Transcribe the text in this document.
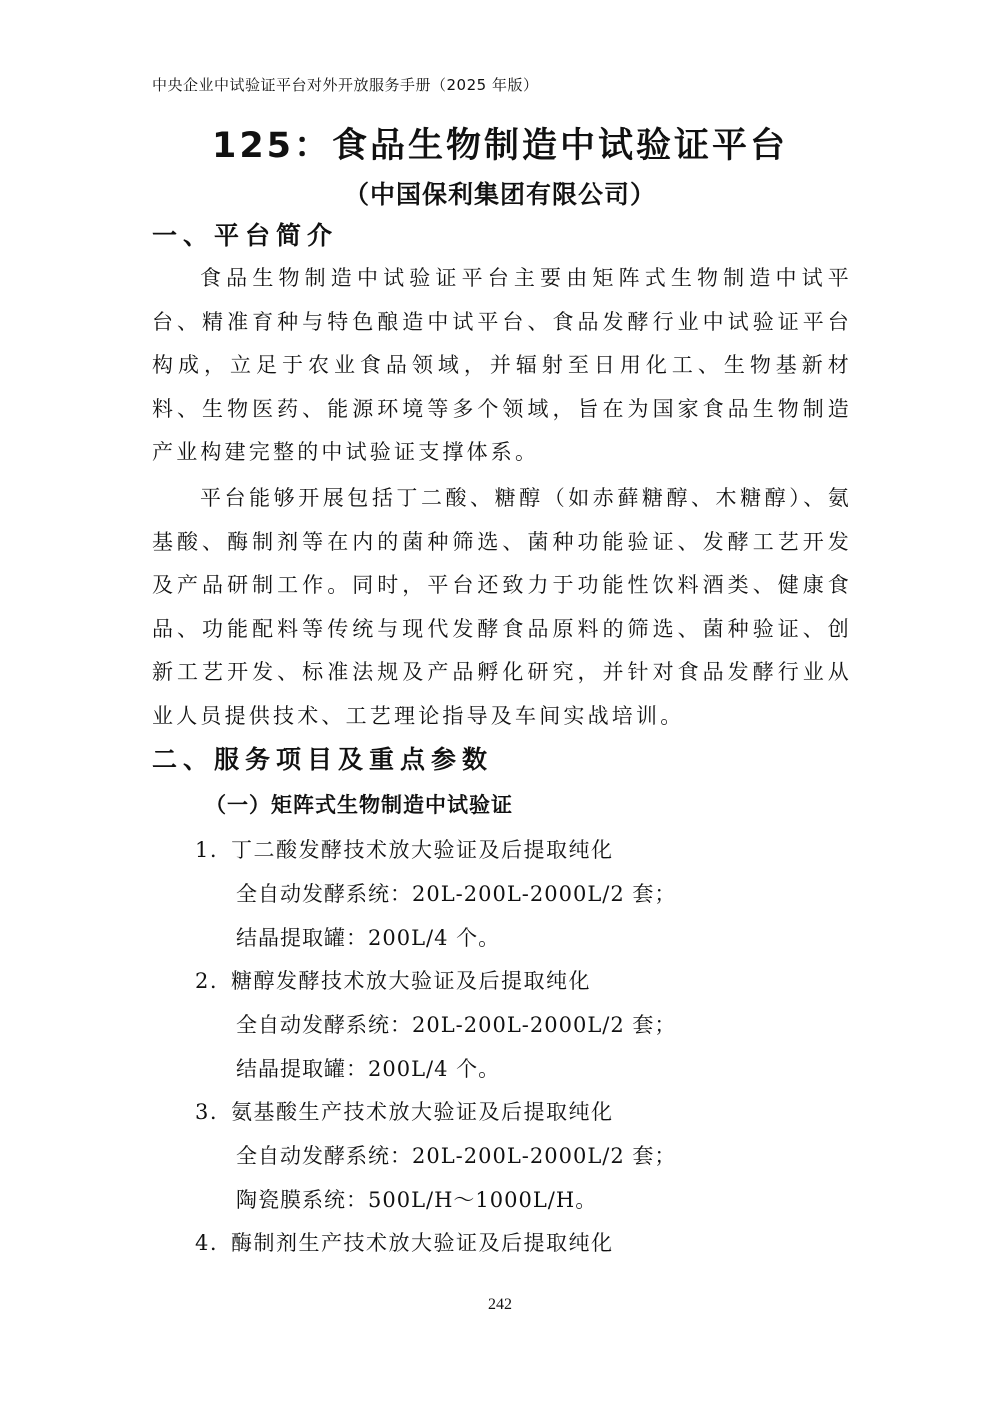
中央企业中试验证平台对外开放服务手册（2025 年版）
125：食品生物制造中试验证平台
（中国保利集团有限公司）
一、平台简介

食品生物制造中试验证平台主要由矩阵式生物制造中试平台、精准育种与特色酿造中试平台、食品发酵行业中试验证平台构成，立足于农业食品领域，并辐射至日用化工、生物基新材料、生物医药、能源环境等多个领域，旨在为国家食品生物制造产业构建完整的中试验证支撑体系。

平台能够开展包括丁二酸、糖醇（如赤藓糖醇、木糖醇）、氨基酸、酶制剂等在内的菌种筛选、菌种功能验证、发酵工艺开发及产品研制工作。同时，平台还致力于功能性饮料酒类、健康食品、功能配料等传统与现代发酵食品原料的筛选、菌种验证、创新工艺开发、标准法规及产品孵化研究，并针对食品发酵行业从业人员提供技术、工艺理论指导及车间实战培训。

二、服务项目及重点参数
（一）矩阵式生物制造中试验证
1. 丁二酸发酵技术放大验证及后提取纯化
全自动发酵系统：20L-200L-2000L/2 套；
结晶提取罐：200L/4 个。
2. 糖醇发酵技术放大验证及后提取纯化
全自动发酵系统：20L-200L-2000L/2 套；
结晶提取罐：200L/4 个。
3. 氨基酸生产技术放大验证及后提取纯化
全自动发酵系统：20L-200L-2000L/2 套；
陶瓷膜系统：500L/H～1000L/H。
4. 酶制剂生产技术放大验证及后提取纯化
242
